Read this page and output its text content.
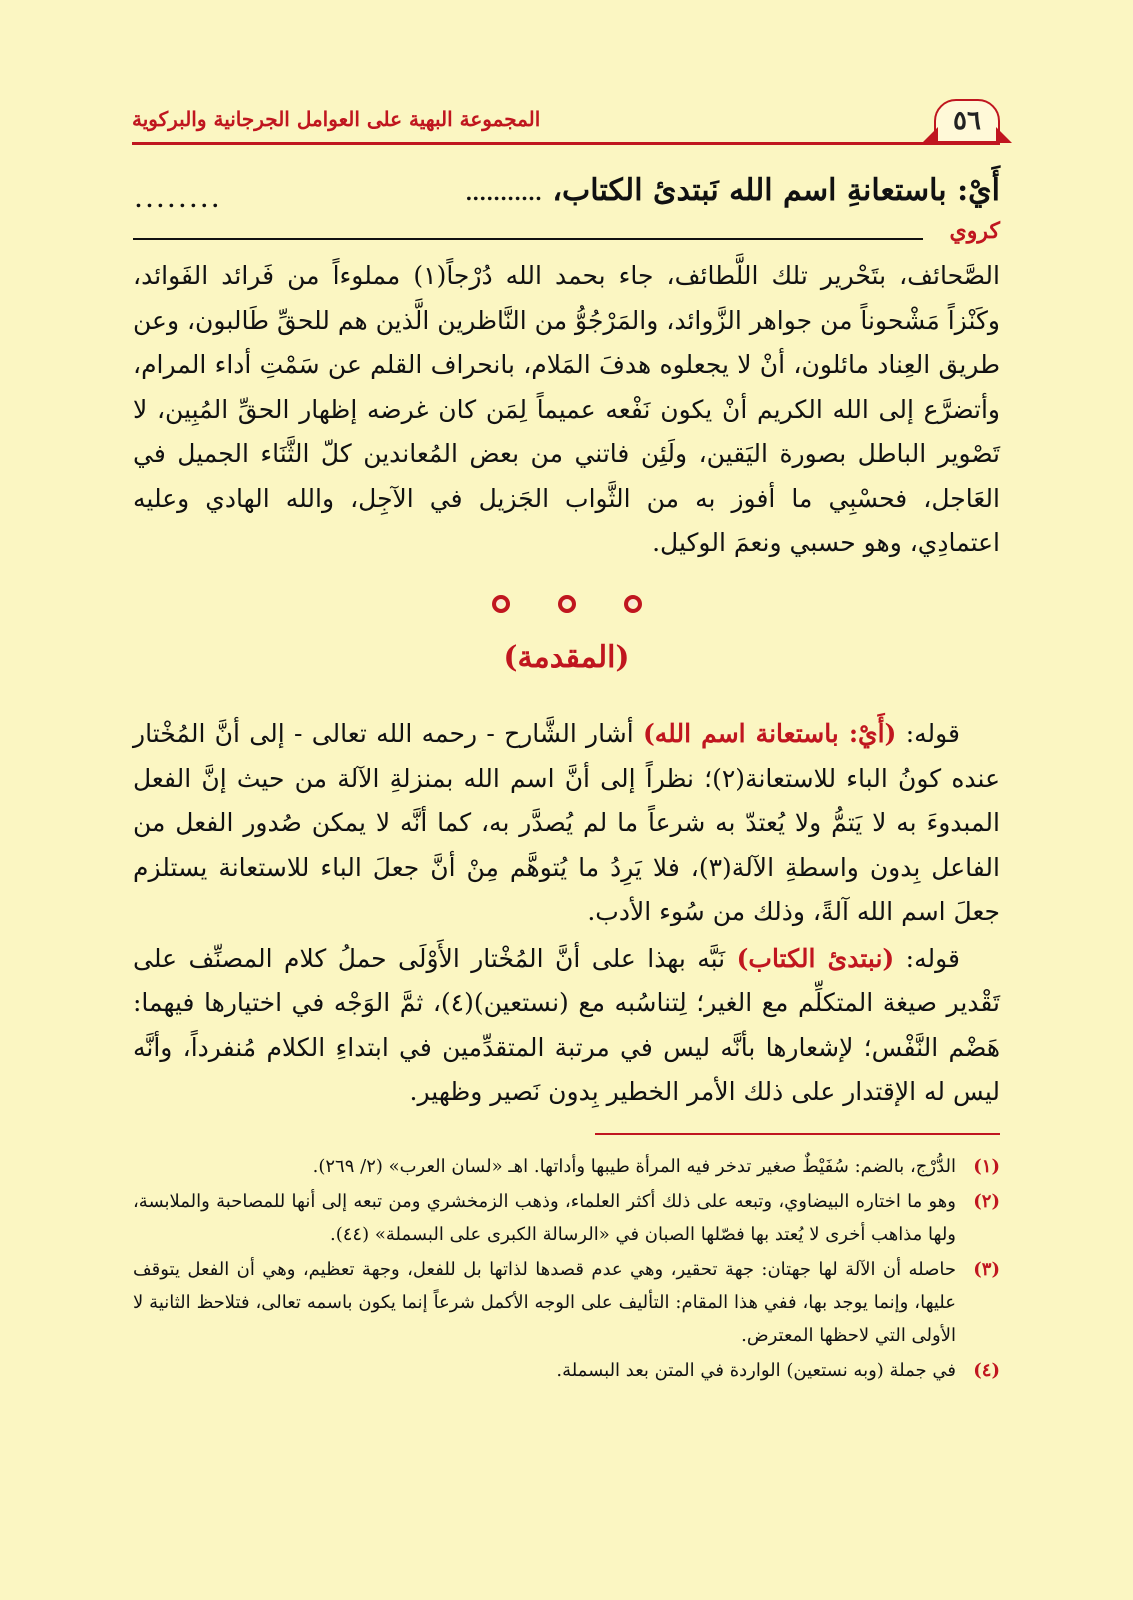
٥٦
المجموعة البهية على العوامل الجرجانية والبركوية
أَيْ: باستعانةِ اسم الله نَبتدئ الكتاب، ...........
........
كروي

الصَّحائف، بتَحْرير تلك اللَّطائف، جاء بحمد الله دُرْجاً(١) مملوءاً من فَرائد الفَوائد، وكَنْزاً مَشْحوناً من جواهر الزَّوائد، والمَرْجُوُّ من النَّاظرين الَّذين هم للحقِّ طَالبون، وعن طريق العِناد مائلون، أنْ لا يجعلوه هدفَ المَلام، بانحراف القلم عن سَمْتِ أداء المرام، وأتضرَّع إلى الله الكريم أنْ يكون نَفْعه عميماً لِمَن كان غرضه إظهار الحقِّ المُبِين، لا تَصْوير الباطل بصورة اليَقين، ولَئِن فاتني من بعض المُعاندين كلّ الثَّنَاء الجميل في العَاجل، فحسْبِي ما أفوز به من الثَّواب الجَزيل في الآجِل، والله الهادي وعليه اعتمادِي، وهو حسبي ونعمَ الوكيل.

(المقدمة)

قوله: (أَيْ: باستعانة اسم الله) أشار الشَّارح - رحمه الله تعالى - إلى أنَّ المُخْتار عنده كونُ الباء للاستعانة(٢)؛ نظراً إلى أنَّ اسم الله بمنزلةِ الآلة من حيث إنَّ الفعل المبدوءَ به لا يَتمُّ ولا يُعتدّ به شرعاً ما لم يُصدَّر به، كما أنَّه لا يمكن صُدور الفعل من الفاعل بِدون واسطةِ الآلة(٣)، فلا يَرِدُ ما يُتوهَّم مِنْ أنَّ جعلَ الباء للاستعانة يستلزم جعلَ اسم الله آلةً، وذلك من سُوء الأدب.

قوله: (نبتدئ الكتاب) نَبَّه بهذا على أنَّ المُخْتار الأَوْلَى حملُ كلام المصنِّف على تَقْدير صيغة المتكلِّم مع الغير؛ لِتناسُبه مع (نستعين)(٤)، ثمَّ الوَجْه في اختيارها فيهما: هَضْم النَّفْس؛ لإشعارها بأنَّه ليس في مرتبة المتقدِّمين في ابتداءِ الكلام مُنفرداً، وأنَّه ليس له الإقتدار على ذلك الأمر الخطير بِدون نَصير وظهير.

(١)
الدُّرْج، بالضم: سُفَيْطٌ صغير تدخر فيه المرأة طيبها وأداتها. اهـ «لسان العرب» (٢/ ٢٦٩).
(٢)
وهو ما اختاره البيضاوي، وتبعه على ذلك أكثر العلماء، وذهب الزمخشري ومن تبعه إلى أنها للمصاحبة والملابسة، ولها مذاهب أخرى لا يُعتد بها فصّلها الصبان في «الرسالة الكبرى على البسملة» (٤٤).
(٣)
حاصله أن الآلة لها جهتان: جهة تحقير، وهي عدم قصدها لذاتها بل للفعل، وجهة تعظيم، وهي أن الفعل يتوقف عليها، وإنما يوجد بها، ففي هذا المقام: التأليف على الوجه الأكمل شرعاً إنما يكون باسمه تعالى، فتلاحظ الثانية لا الأولى التي لاحظها المعترض.
(٤)
في جملة (وبه نستعين) الواردة في المتن بعد البسملة.
